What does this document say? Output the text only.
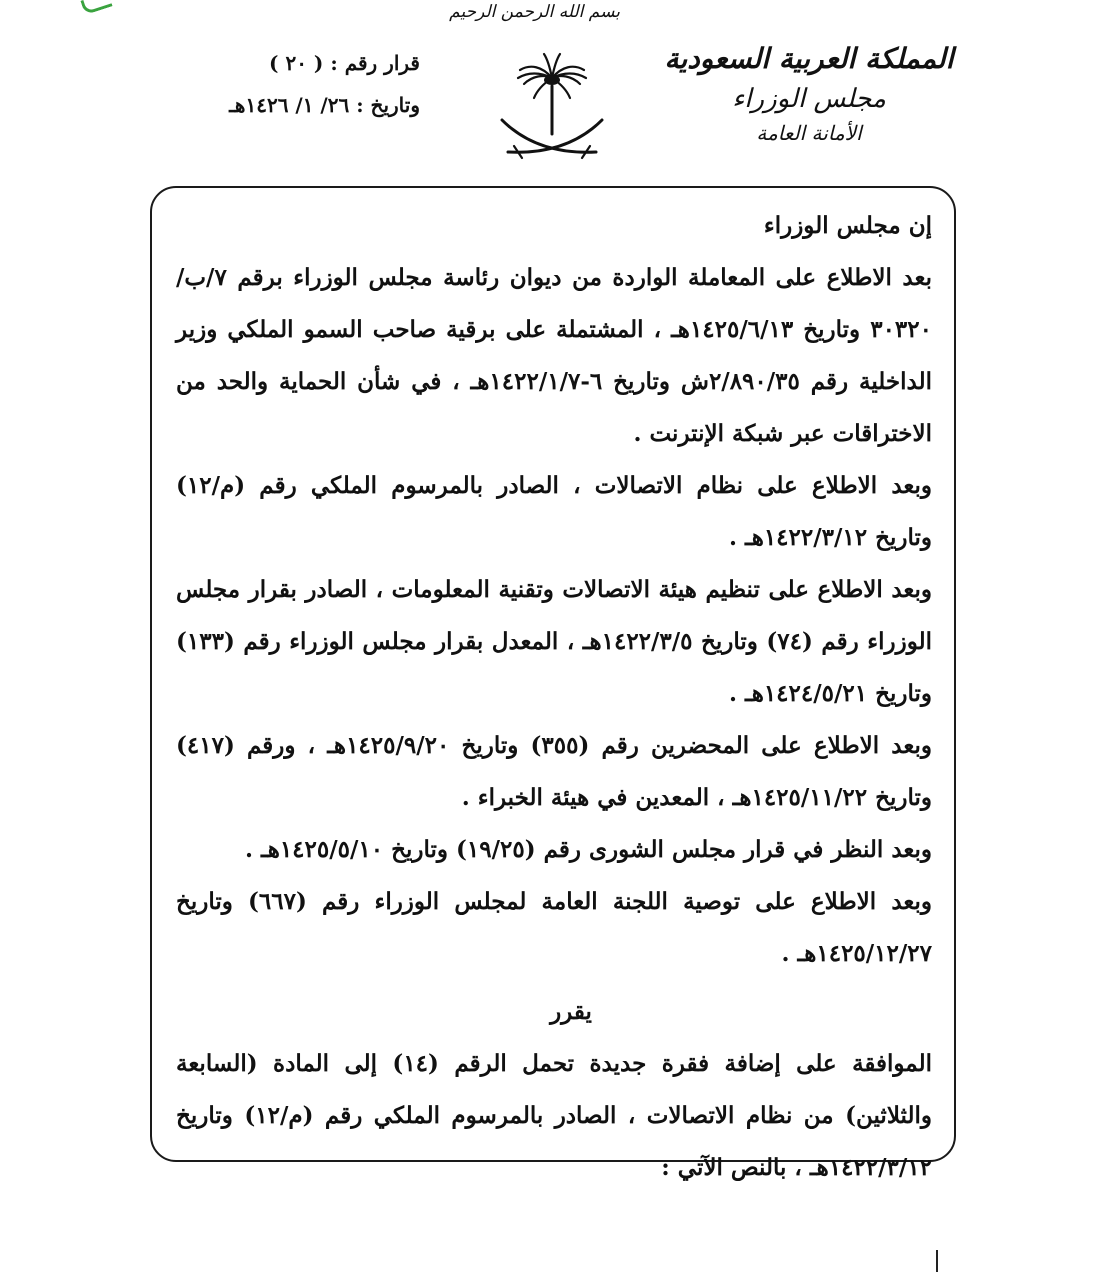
بسم الله الرحمن الرحيم

المملكة العربية السعودية

مجلس الوزراء

الأمانة العامة

قرار رقم : ( ٢٠ )
وتاريخ : ٢٦/ ١/ ١٤٢٦هـ

إن مجلس الوزراء

بعد الاطلاع على المعاملة الواردة من ديوان رئاسة مجلس الوزراء برقم ٧/ب/٣٠٣٢٠ وتاريخ ١٤٢٥/٦/١٣هـ ، المشتملة على برقية صاحب السمو الملكي وزير الداخلية رقم ٢/٨٩٠/٣٥ش وتاريخ ٦-١٤٢٢/١/٧هـ ، في شأن الحماية والحد من الاختراقات عبر شبكة الإنترنت .

وبعد الاطلاع على نظام الاتصالات ، الصادر بالمرسوم الملكي رقم (م/١٢) وتاريخ ١٤٢٢/٣/١٢هـ .

وبعد الاطلاع على تنظيم هيئة الاتصالات وتقنية المعلومات ، الصادر بقرار مجلس الوزراء رقم (٧٤) وتاريخ ١٤٢٢/٣/٥هـ ، المعدل بقرار مجلس الوزراء رقم (١٣٣) وتاريخ ١٤٢٤/٥/٢١هـ .

وبعد الاطلاع على المحضرين رقم (٣٥٥) وتاريخ ١٤٢٥/٩/٢٠هـ ، ورقم (٤١٧) وتاريخ ١٤٢٥/١١/٢٢هـ ، المعدين في هيئة الخبراء .

وبعد النظر في قرار مجلس الشورى رقم (١٩/٢٥) وتاريخ ١٤٢٥/٥/١٠هـ .

وبعد الاطلاع على توصية اللجنة العامة لمجلس الوزراء رقم (٦٦٧) وتاريخ ١٤٢٥/١٢/٢٧هـ .

يقرر

الموافقة على إضافة فقرة جديدة تحمل الرقم (١٤) إلى المادة (السابعة والثلاثين) من نظام الاتصالات ، الصادر بالمرسوم الملكي رقم (م/١٢) وتاريخ ١٤٢٢/٣/١٢هـ ، بالنص الآتي :
